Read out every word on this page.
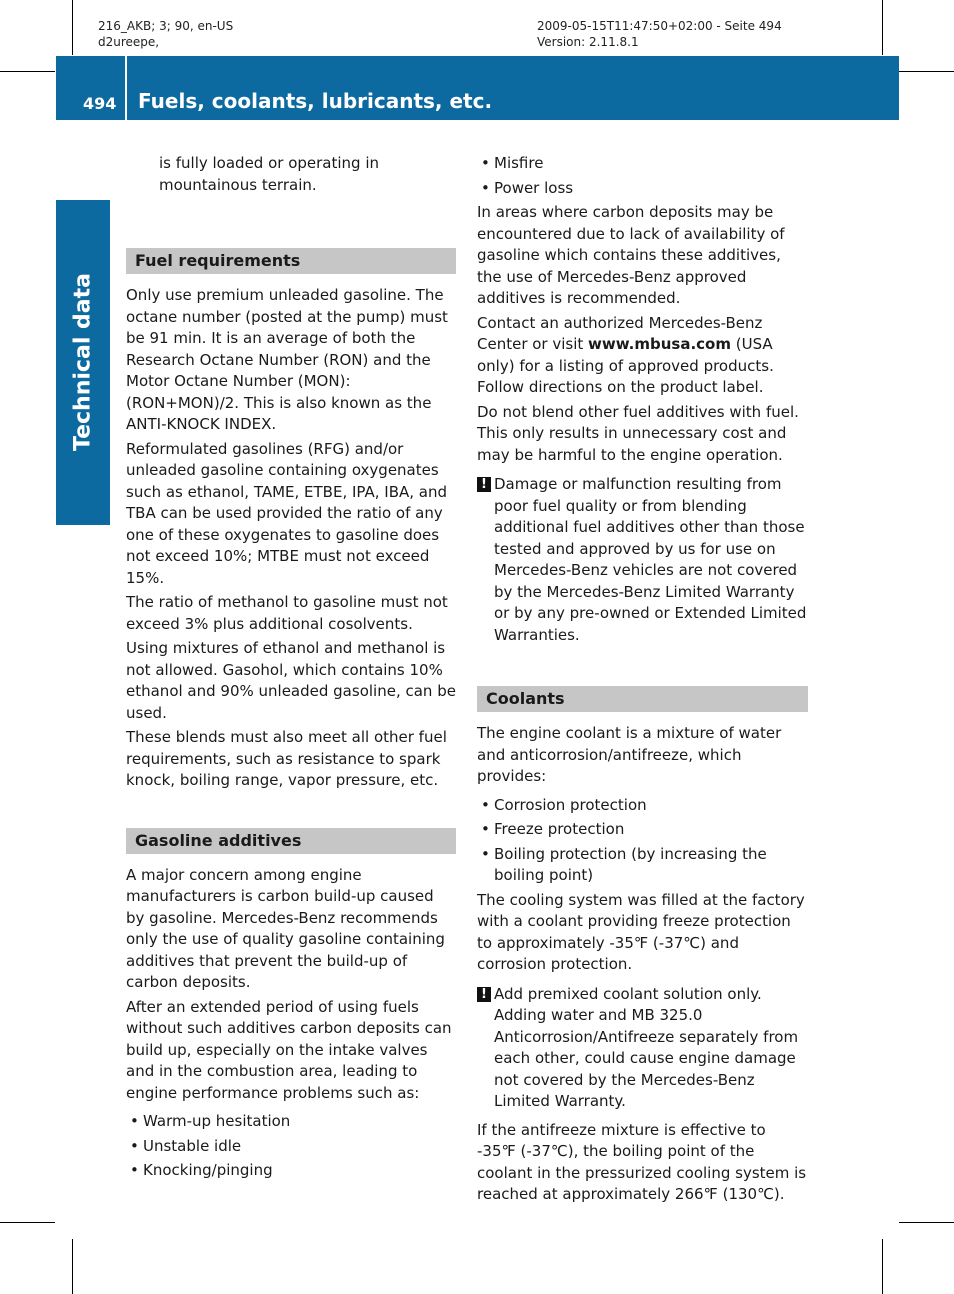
216_AKB; 3; 90, en-US
d2ureepe,
2009-05-15T11:47:50+02:00 - Seite 494
Version: 2.11.8.1
494 Fuels, coolants, lubricants, etc.
Technical data

is fully loaded or operating in mountainous terrain.

Fuel requirements

Only use premium unleaded gasoline. The octane number (posted at the pump) must be 91 min. It is an average of both the Research Octane Number (RON) and the Motor Octane Number (MON): (RON+MON)/2. This is also known as the ANTI-KNOCK INDEX.

Reformulated gasolines (RFG) and/or unleaded gasoline containing oxygenates such as ethanol, TAME, ETBE, IPA, IBA, and TBA can be used provided the ratio of any one of these oxygenates to gasoline does not exceed 10%; MTBE must not exceed 15%.

The ratio of methanol to gasoline must not exceed 3% plus additional cosolvents.

Using mixtures of ethanol and methanol is not allowed. Gasohol, which contains 10% ethanol and 90% unleaded gasoline, can be used.

These blends must also meet all other fuel requirements, such as resistance to spark knock, boiling range, vapor pressure, etc.

Gasoline additives

A major concern among engine manufacturers is carbon build-up caused by gasoline. Mercedes-Benz recommends only the use of quality gasoline containing additives that prevent the build-up of carbon deposits.

After an extended period of using fuels without such additives carbon deposits can build up, especially on the intake valves and in the combustion area, leading to engine performance problems such as:

• Warm-up hesitation

• Unstable idle

• Knocking/pinging

• Misfire

• Power loss

In areas where carbon deposits may be encountered due to lack of availability of gasoline which contains these additives, the use of Mercedes-Benz approved additives is recommended.

Contact an authorized Mercedes-Benz Center or visit www.mbusa.com (USA only) for a listing of approved products. Follow directions on the product label.

Do not blend other fuel additives with fuel. This only results in unnecessary cost and may be harmful to the engine operation.

! Damage or malfunction resulting from poor fuel quality or from blending additional fuel additives other than those tested and approved by us for use on Mercedes-Benz vehicles are not covered by the Mercedes-Benz Limited Warranty or by any pre-owned or Extended Limited Warranties.
Coolants

The engine coolant is a mixture of water and anticorrosion/antifreeze, which provides:

• Corrosion protection

• Freeze protection

• Boiling protection (by increasing the boiling point)

The cooling system was filled at the factory with a coolant providing freeze protection to approximately -35℉ (-37℃) and corrosion protection.

! Add premixed coolant solution only. Adding water and MB 325.0 Anticorrosion/Antifreeze separately from each other, could cause engine damage not covered by the Mercedes-Benz Limited Warranty.

If the antifreeze mixture is effective to -35℉ (-37℃), the boiling point of the coolant in the pressurized cooling system is reached at approximately 266℉ (130℃).
